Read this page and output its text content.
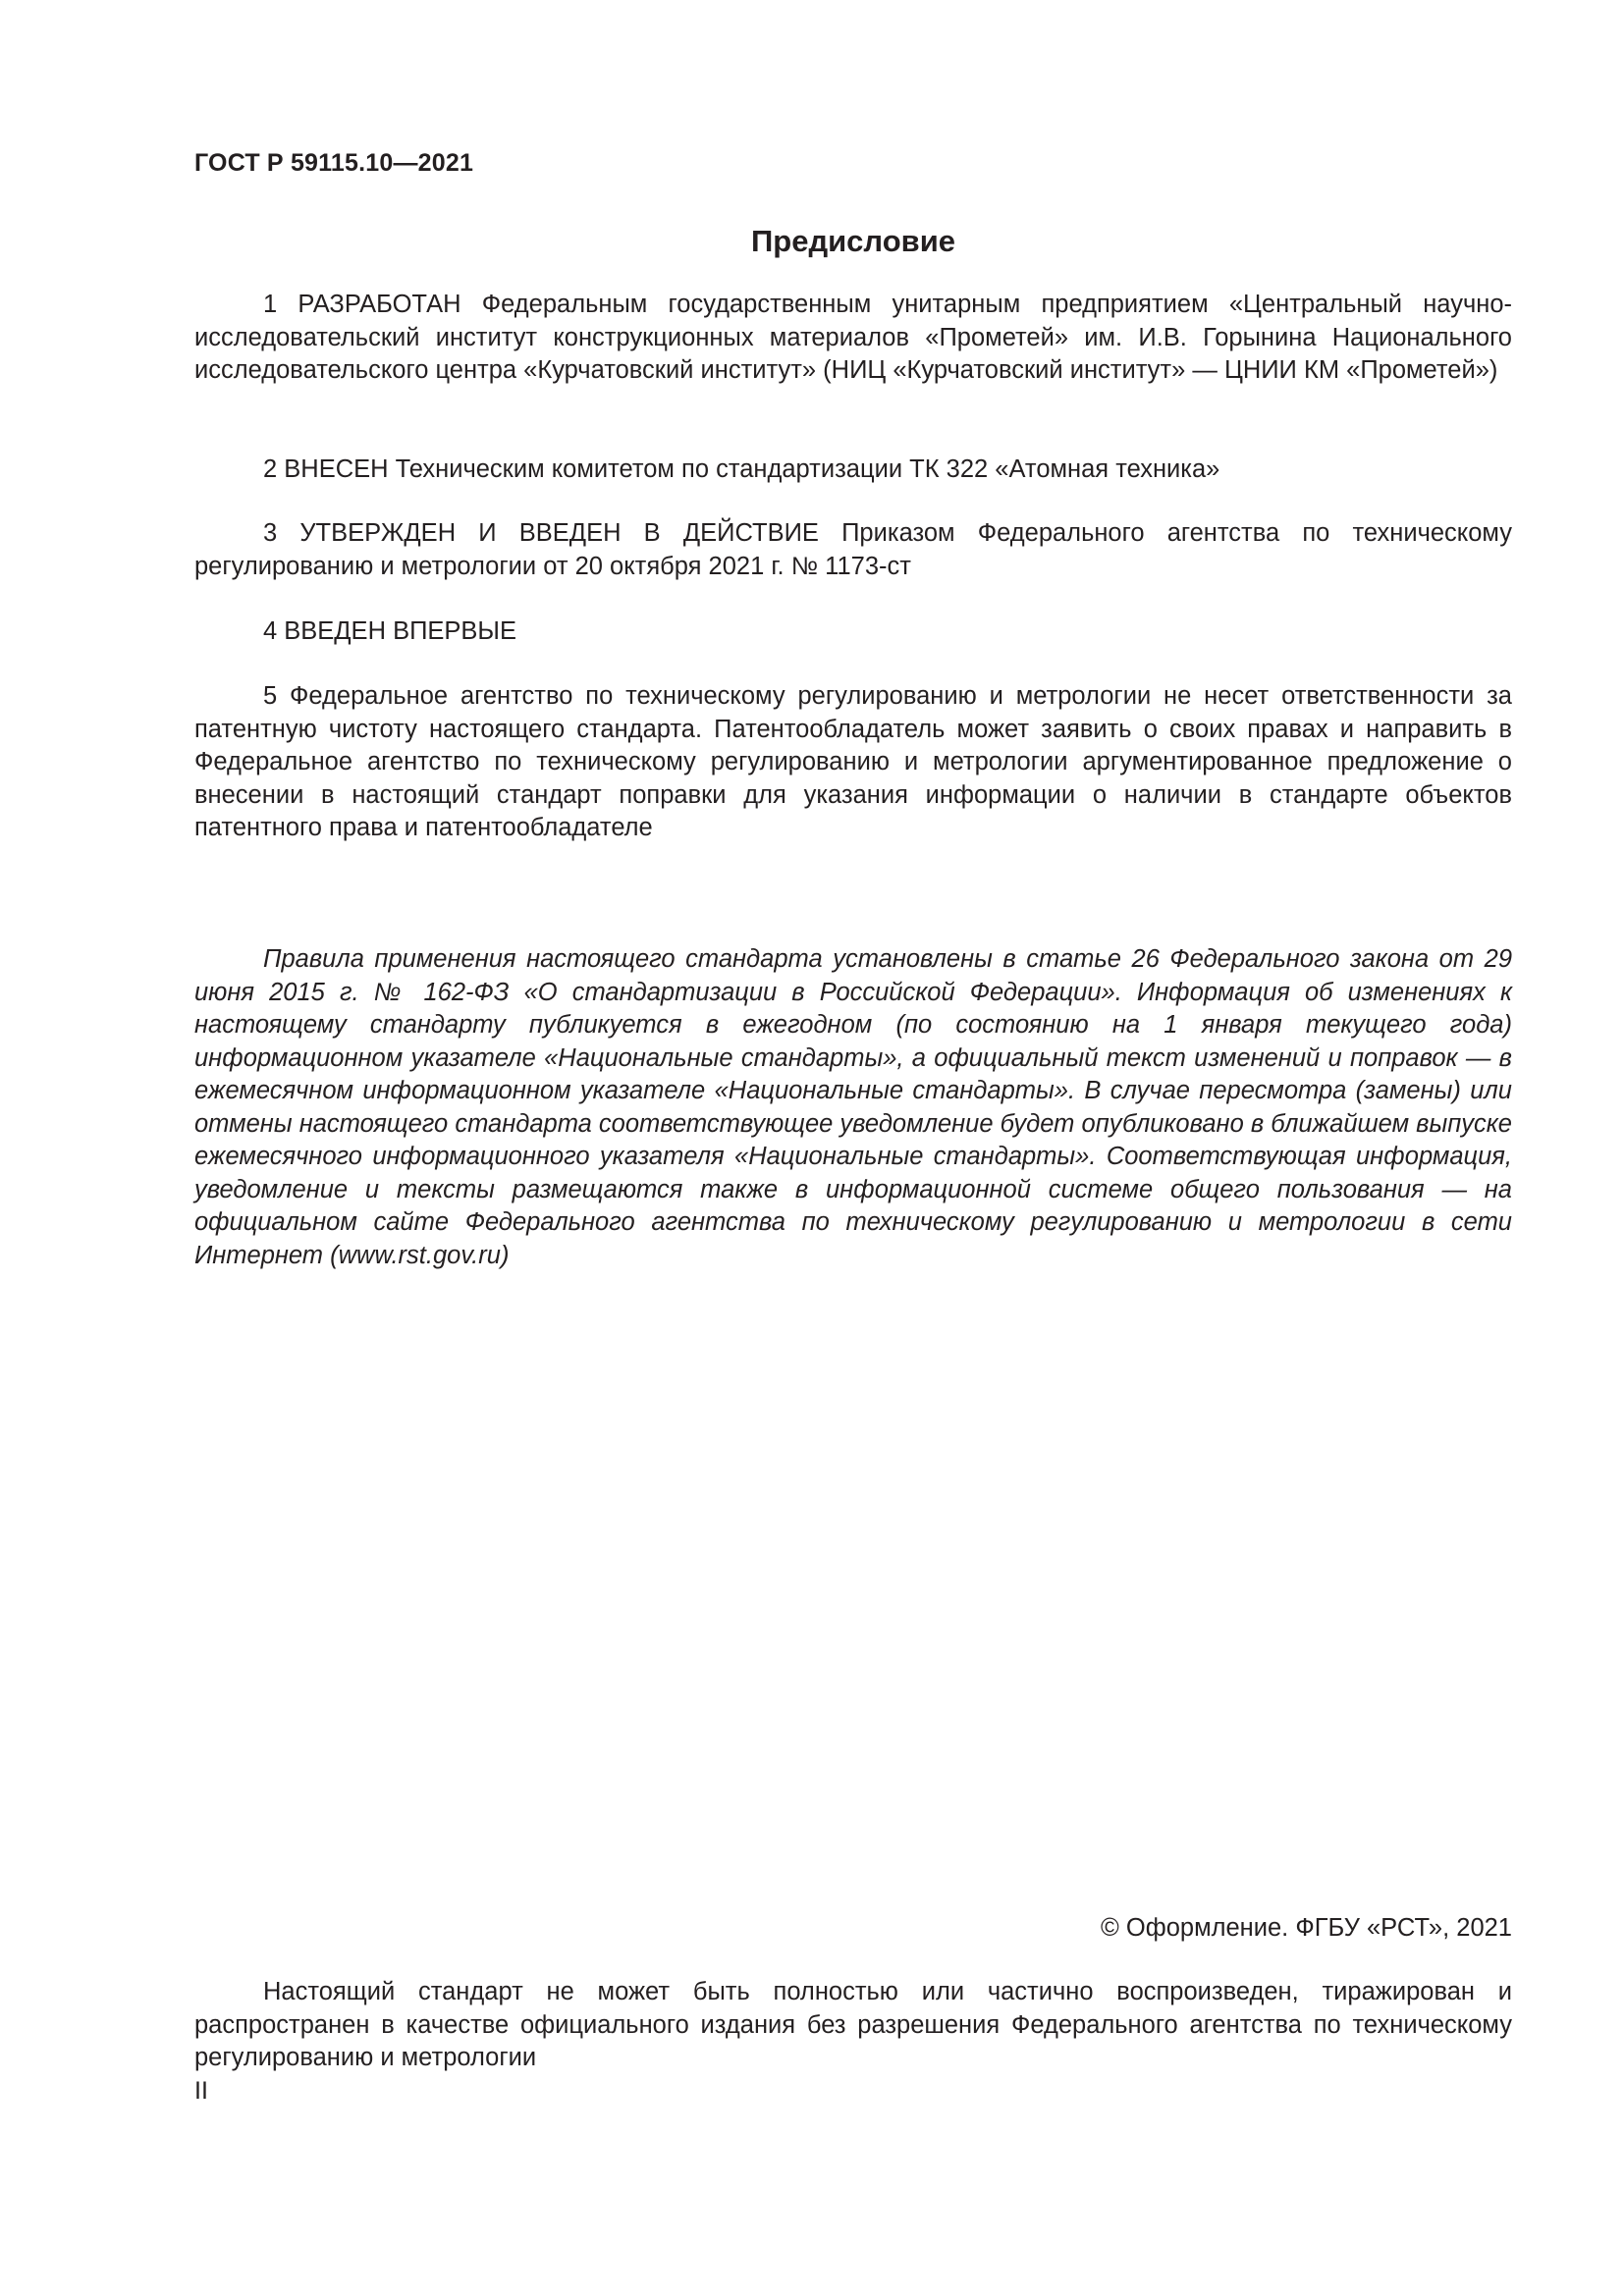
ГОСТ Р 59115.10—2021

Предисловие

1 РАЗРАБОТАН Федеральным государственным унитарным предприятием «Центральный научно-исследовательский институт конструкционных материалов «Прометей» им. И.В. Горынина Национального исследовательского центра «Курчатовский институт» (НИЦ «Курчатовский институт» — ЦНИИ КМ «Прометей»)

2 ВНЕСЕН Техническим комитетом по стандартизации ТК 322 «Атомная техника»

3 УТВЕРЖДЕН И ВВЕДЕН В ДЕЙСТВИЕ Приказом Федерального агентства по техническому регулированию и метрологии от 20 октября 2021 г. № 1173-ст

4 ВВЕДЕН ВПЕРВЫЕ

5 Федеральное агентство по техническому регулированию и метрологии не несет ответственности за патентную чистоту настоящего стандарта. Патентообладатель может заявить о своих правах и направить в Федеральное агентство по техническому регулированию и метрологии аргументированное предложение о внесении в настоящий стандарт поправки для указания информации о наличии в стандарте объектов патентного права и патентообладателе

Правила применения настоящего стандарта установлены в статье 26 Федерального закона от 29 июня 2015 г. № 162-ФЗ «О стандартизации в Российской Федерации». Информация об изменениях к настоящему стандарту публикуется в ежегодном (по состоянию на 1 января текущего года) информационном указателе «Национальные стандарты», а официальный текст изменений и поправок — в ежемесячном информационном указателе «Национальные стандарты». В случае пересмотра (замены) или отмены настоящего стандарта соответствующее уведомление будет опубликовано в ближайшем выпуске ежемесячного информационного указателя «Национальные стандарты». Соответствующая информация, уведомление и тексты размещаются также в информационной системе общего пользования — на официальном сайте Федерального агентства по техническому регулированию и метрологии в сети Интернет (www.rst.gov.ru)

© Оформление. ФГБУ «РСТ», 2021

Настоящий стандарт не может быть полностью или частично воспроизведен, тиражирован и распространен в качестве официального издания без разрешения Федерального агентства по техническому регулированию и метрологии

II
